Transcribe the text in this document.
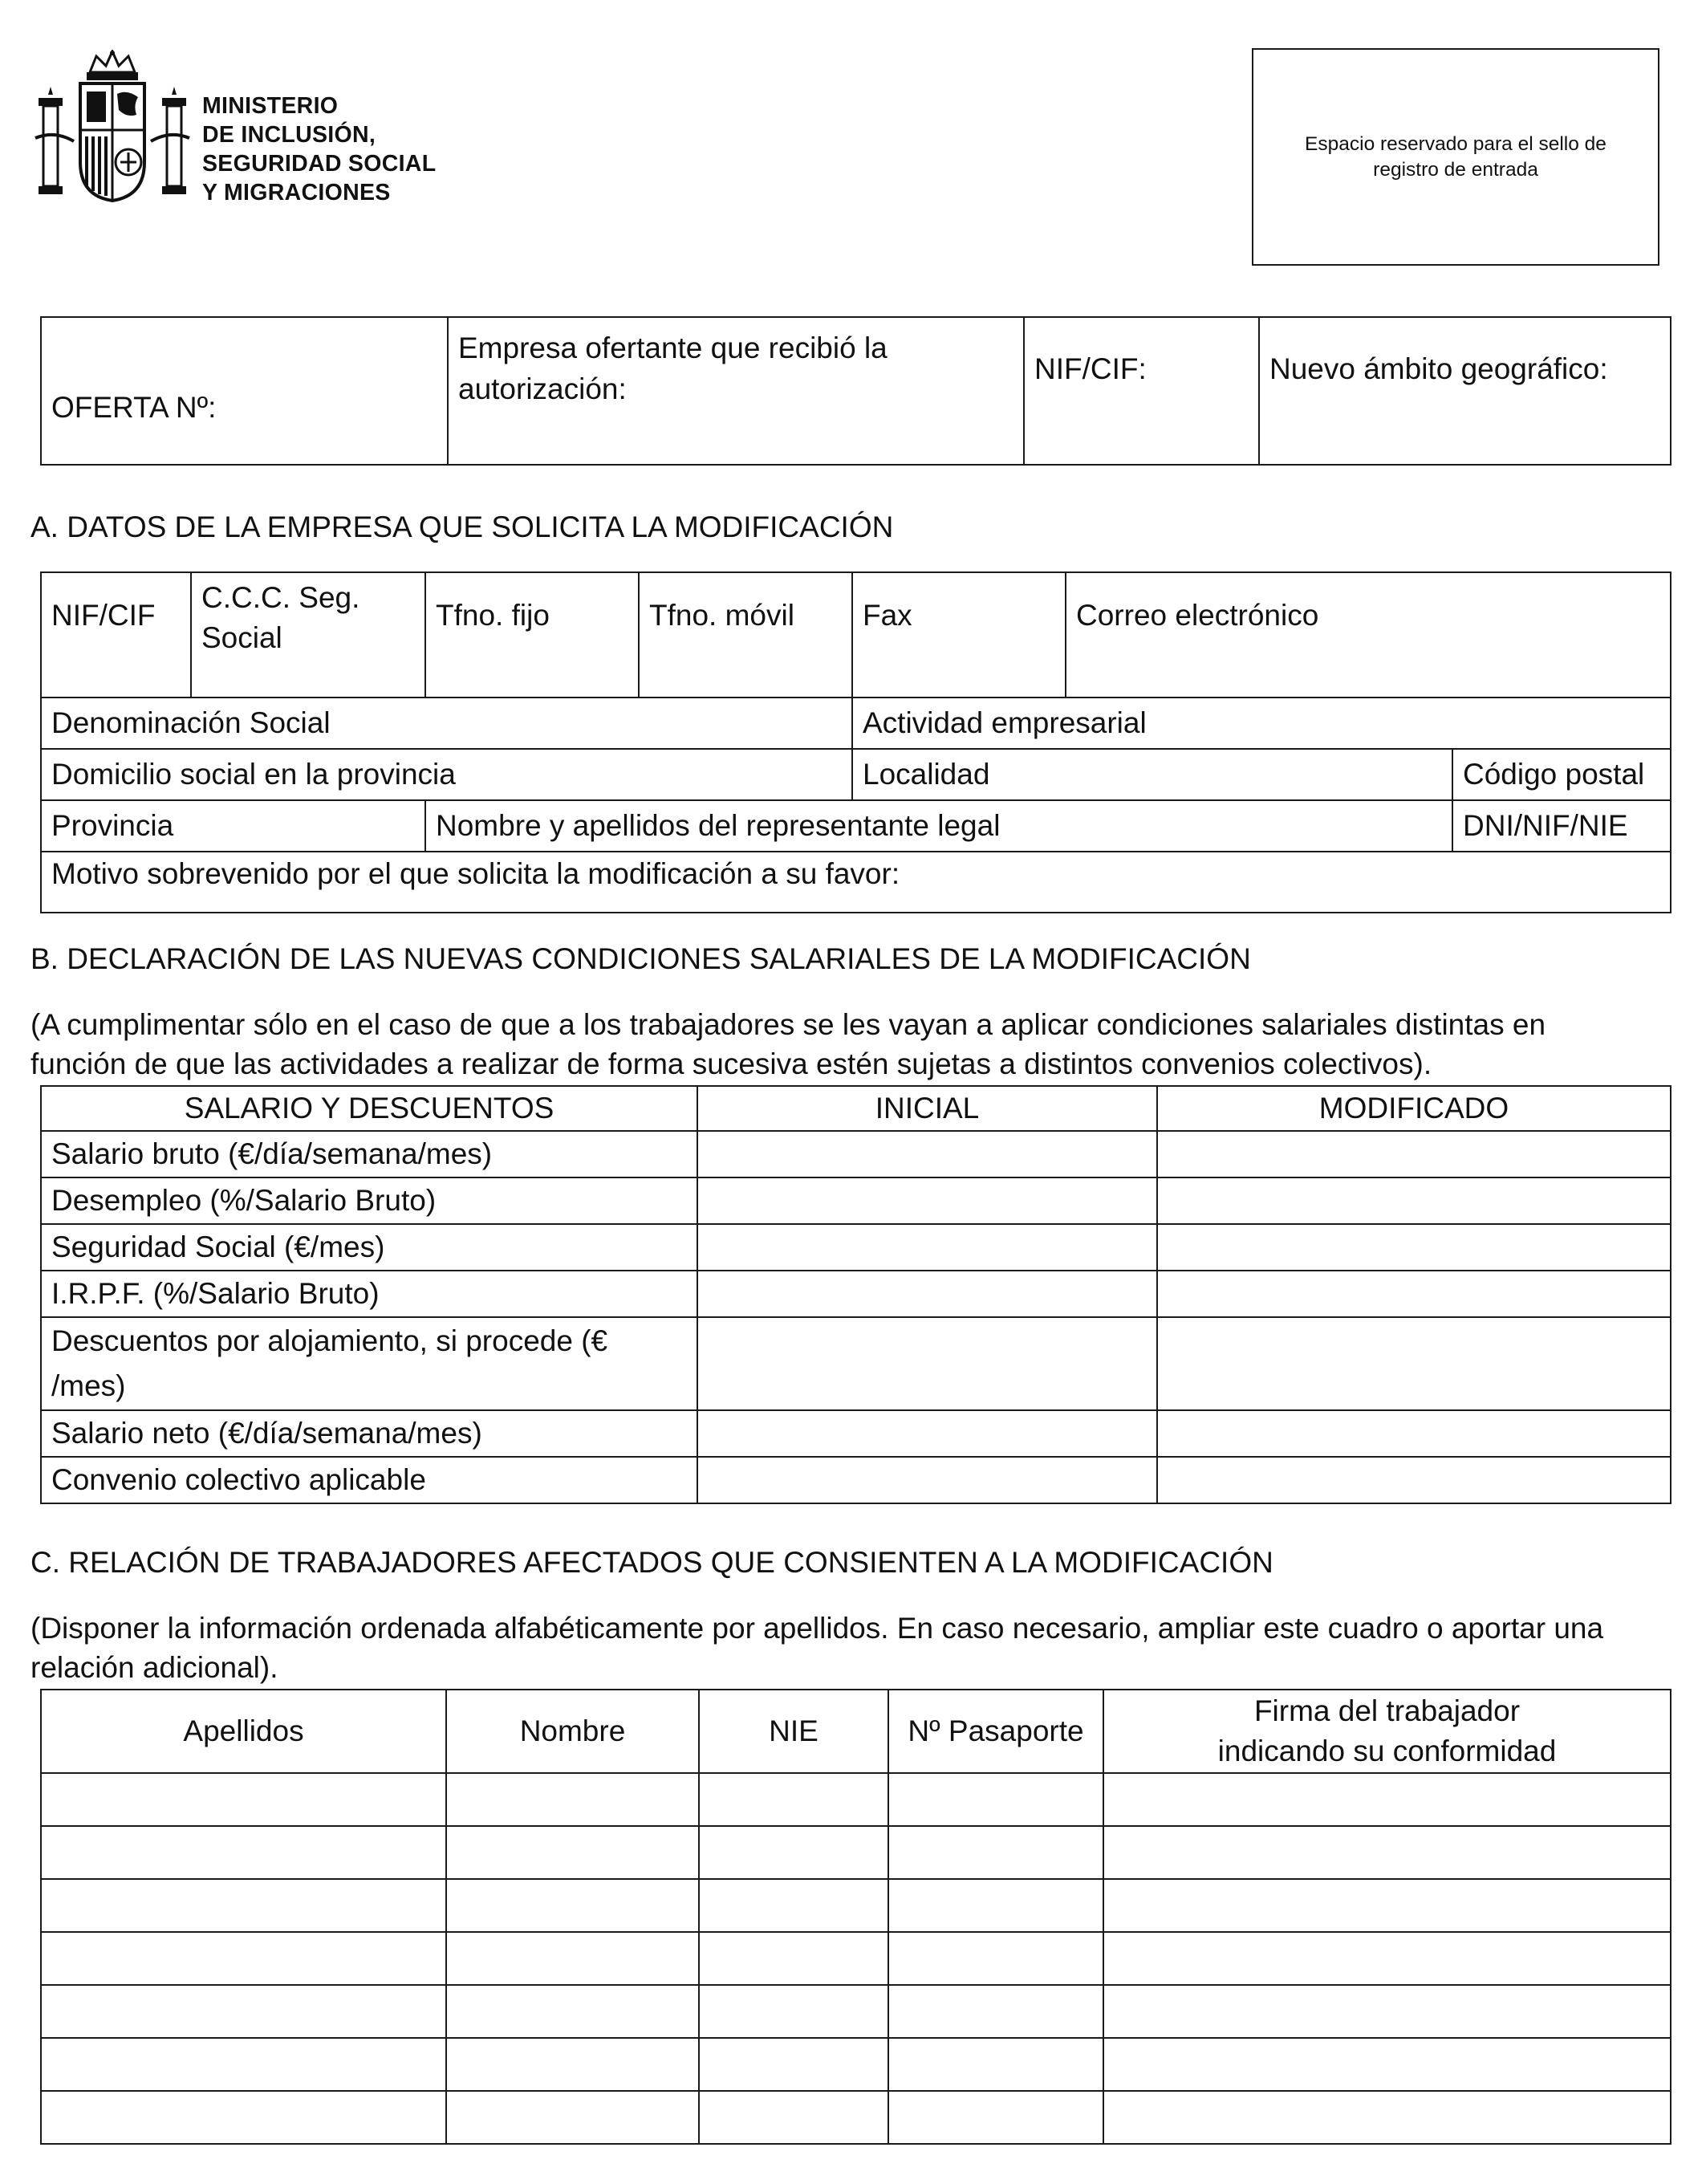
MINISTERIO
DE INCLUSIÓN,
SEGURIDAD SOCIAL
Y MIGRACIONES
Espacio reservado para el sello de registro de entrada
OFERTA Nº:	Empresa ofertante que recibió la autorización:	NIF/CIF:	Nuevo ámbito geográfico:
A. DATOS DE LA EMPRESA QUE SOLICITA LA MODIFICACIÓN
NIF/CIF	C.C.C. Seg. Social	Tfno. fijo	Tfno. móvil	Fax	Correo electrónico	
Denominación Social				Actividad empresarial		
Domicilio social en la provincia				Localidad		Código postal
Provincia		Nombre y apellidos del representante legal				DNI/NIF/NIE
Motivo sobrevenido por el que solicita la modificación a su favor:						
B. DECLARACIÓN DE LAS NUEVAS CONDICIONES SALARIALES DE LA MODIFICACIÓN
(A cumplimentar sólo en el caso de que a los trabajadores se les vayan a aplicar condiciones salariales distintas en función de que las actividades a realizar de forma sucesiva estén sujetas a distintos convenios colectivos).
SALARIO Y DESCUENTOS	INICIAL	MODIFICADO
Salario bruto (€/día/semana/mes)		
Desempleo (%/Salario Bruto)		
Seguridad Social (€/mes)		
I.R.P.F. (%/Salario Bruto)		
Descuentos por alojamiento, si procede (€ /mes)		
Salario neto (€/día/semana/mes)		
Convenio colectivo aplicable		
C. RELACIÓN DE TRABAJADORES AFECTADOS QUE CONSIENTEN A LA MODIFICACIÓN
(Disponer la información ordenada alfabéticamente por apellidos. En caso necesario, ampliar este cuadro o aportar una relación adicional).
Apellidos	Nombre	NIE	Nº Pasaporte	Firma del trabajador indicando su conformidad
